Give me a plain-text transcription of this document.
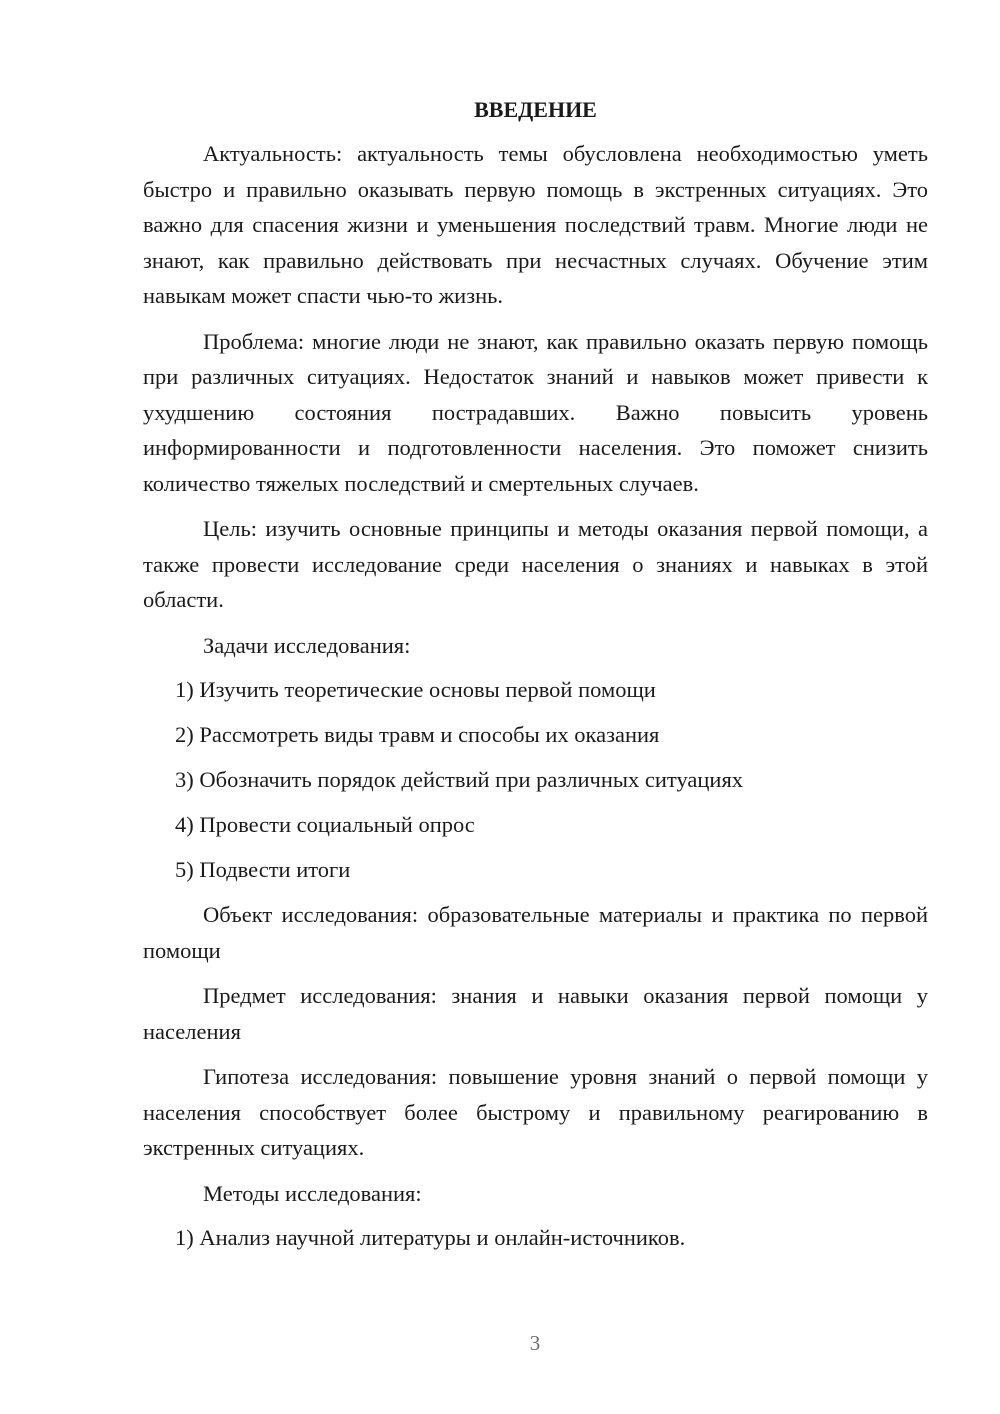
ВВЕДЕНИЕ

Актуальность: актуальность темы обусловлена необходимостью уметь быстро и правильно оказывать первую помощь в экстренных ситуациях. Это важно для спасения жизни и уменьшения последствий травм. Многие люди не знают, как правильно действовать при несчастных случаях. Обучение этим навыкам может спасти чью-то жизнь.

Проблема: многие люди не знают, как правильно оказать первую помощь при различных ситуациях. Недостаток знаний и навыков может привести к ухудшению состояния пострадавших. Важно повысить уровень информированности и подготовленности населения. Это поможет снизить количество тяжелых последствий и смертельных случаев.

Цель: изучить основные принципы и методы оказания первой помощи, а также провести исследование среди населения о знаниях и навыках в этой области.

Задачи исследования:

1) Изучить теоретические основы первой помощи

2) Рассмотреть виды травм и способы их оказания

3) Обозначить порядок действий при различных ситуациях

4) Провести социальный опрос

5) Подвести итоги

Объект исследования: образовательные материалы и практика по первой помощи

Предмет исследования: знания и навыки оказания первой помощи у населения

Гипотеза исследования: повышение уровня знаний о первой помощи у населения способствует более быстрому и правильному реагированию в экстренных ситуациях.

Методы исследования:

1) Анализ научной литературы и онлайн-источников.

3
